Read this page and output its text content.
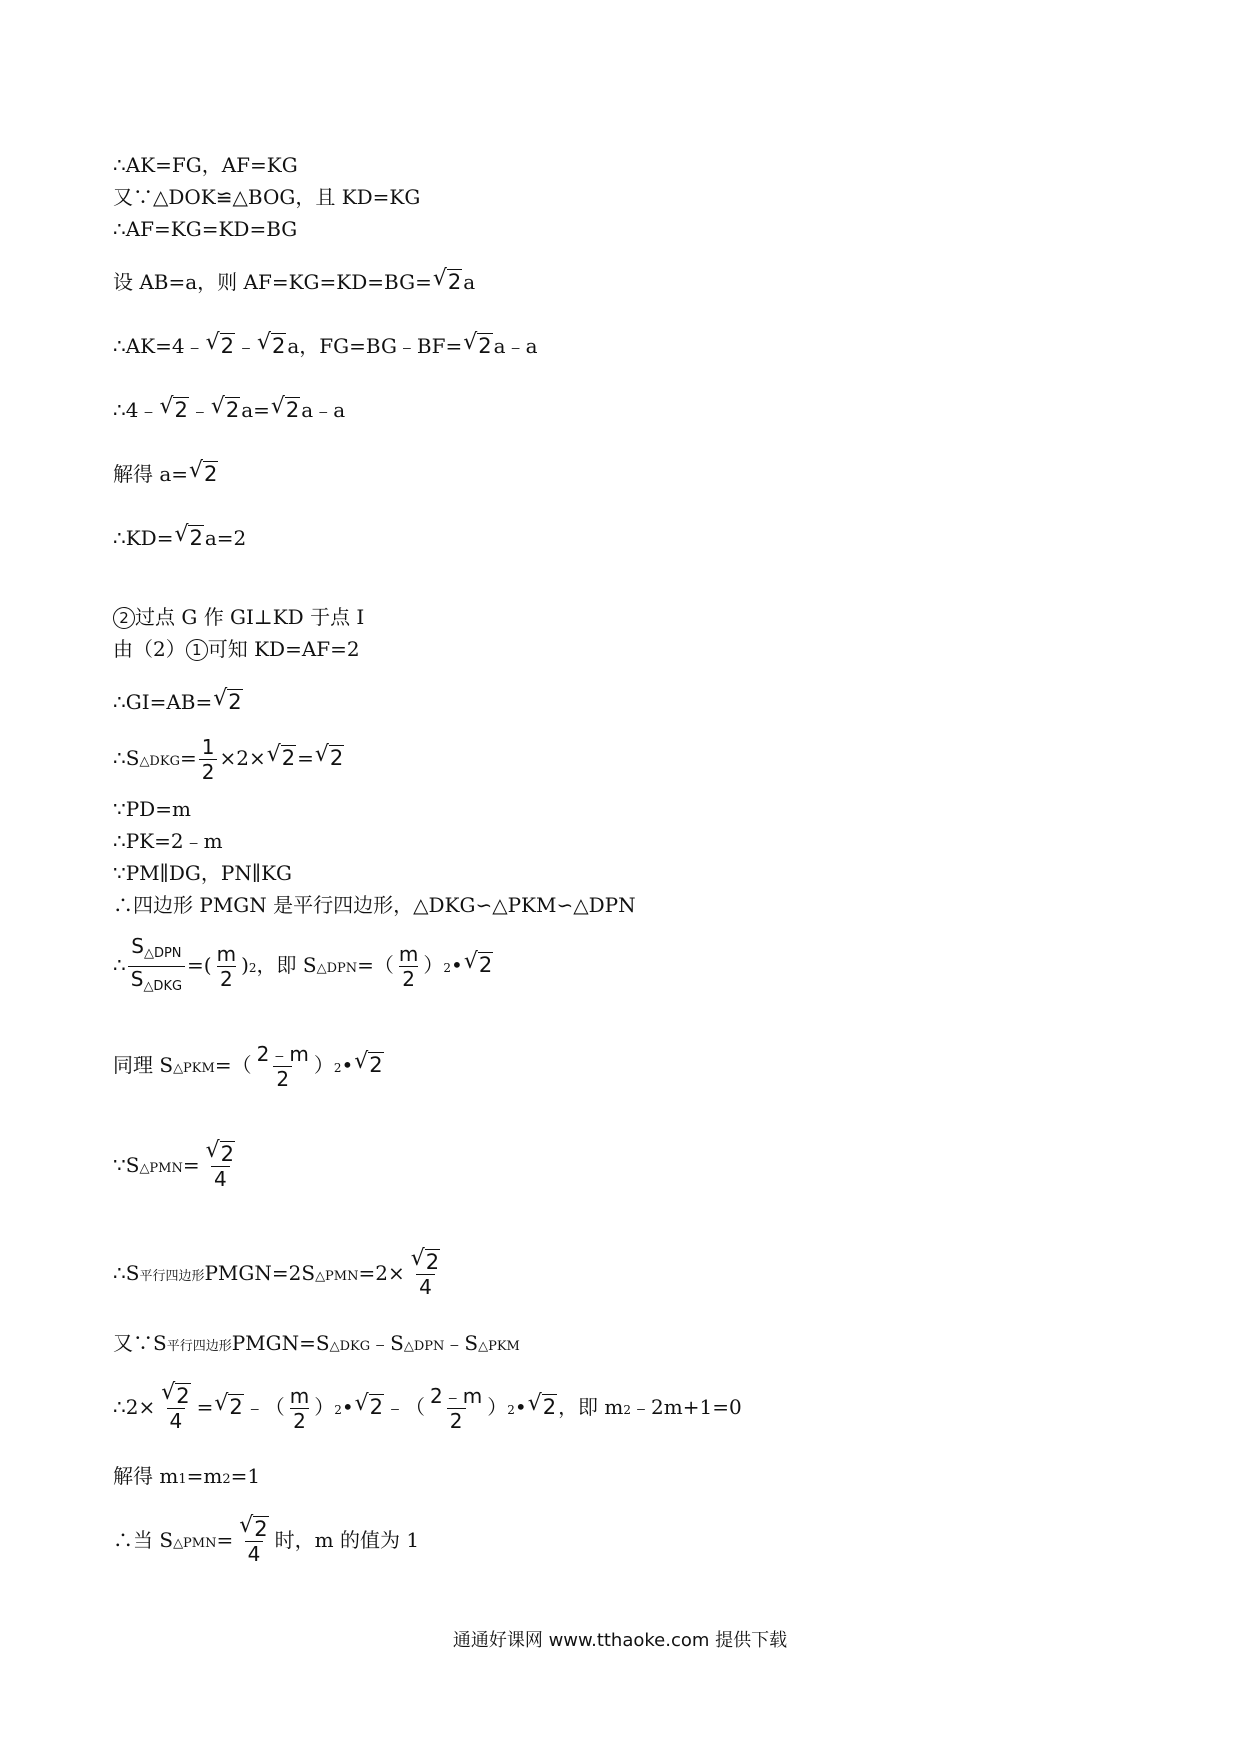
∴AK=FG，AF=KG
又∵△DOK≌△BOG，且 KD=KG
∴AF=KG=KD=BG
设 AB=a，则 AF=KG=KD=BG=√ 2 a
∴AK=4﹣√ 2 ﹣√ 2 a，FG=BG﹣BF=√ 2 a﹣a
∴4﹣√ 2 ﹣√ 2 a=√ 2 a﹣a
解得 a=√ 2
∴KD=√ 2 a=2
2 过点 G 作 GI⊥KD 于点 I
由（2） 1 可知 KD=AF=2
∴GI=AB=√ 2
∴S△DKG= $\frac{1}{2} \times 2\times√$ 2 =√ 2
∵PD=m
∴PK=2﹣m
∵PM∥DG，PN∥KG
∴四边形 PMGN 是平行四边形，△DKG∽△PKM∽△DPN
∴
$S_{\triangle DPN}$
$S_{\triangle DKG}$
=( $\frac{m}{2} )2$，即 S△DPN=（ $\frac{m}{2}$ ）2•√ 2
同理 S△PKM=（ $\frac{2﹣m}{2}$ ）2•√ 2
∵S△PMN=
√ $\frac{2}{4}$
∴S平行四边形PMGN=2S△PMN=2×
√ $\frac{2}{4}$
又∵S平行四边形PMGN=S△DKG﹣S△DPN﹣S△PKM
∴2×
√ $\frac{2}{4}$ =√ 2 ﹣（ $\frac{m}{2}$ ）2•√ 2 ﹣（ $\frac{2﹣m}{2}$ ）2•√ 2 ，即 m2﹣2m+1=0
解得 m1=m2=1
∴当 S△PMN=
√ $\frac{2}{4}$ 时，m 的值为 1
通通好课网 www.tthaoke.com 提供下载
